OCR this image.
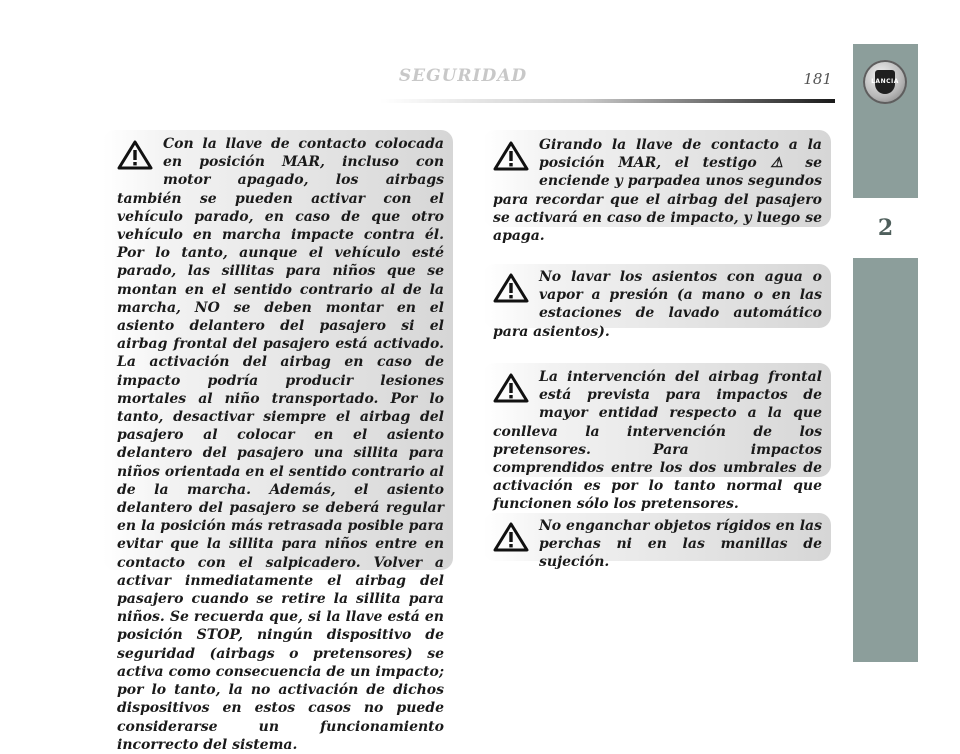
SEGURIDAD	181	LANCIA
2
Con la llave de contacto colocada en posición MAR, incluso con motor apagado, los airbags también se pueden activar con el vehículo parado, en caso de que otro vehículo en marcha impacte contra él. Por lo tanto, aunque el vehículo esté parado, las sillitas para niños que se montan en el sentido contrario al de la marcha, NO se deben montar en el asiento delantero del pasajero si el airbag frontal del pasajero está activado. La activación del airbag en caso de impacto podría producir lesiones mortales al niño transportado. Por lo tanto, desactivar siempre el airbag del pasajero al colocar en el asiento delantero del pasajero una sillita para niños orientada en el sentido contrario al de la marcha. Además, el asiento delantero del pasajero se deberá regular en la posición más retrasada posible para evitar que la sillita para niños entre en contacto con el salpicadero. Volver a activar inmediatamente el airbag del pasajero cuando se retire la sillita para niños. Se recuerda que, si la llave está en posición STOP, ningún dispositivo de seguridad (airbags o pretensores) se activa como consecuencia de un impacto; por lo tanto, la no activación de dichos dispositivos en estos casos no puede considerarse un funcionamiento incorrecto del sistema.
Girando la llave de contacto a la posición MAR, el testigo ⚠ se enciende y parpadea unos segundos para recordar que el airbag del pasajero se activará en caso de impacto, y luego se apaga.
No lavar los asientos con agua o vapor a presión (a mano o en las estaciones de lavado automático para asientos).
La intervención del airbag frontal está prevista para impactos de mayor entidad respecto a la que conlleva la intervención de los pretensores. Para impactos comprendidos entre los dos umbrales de activación es por lo tanto normal que funcionen sólo los pretensores.
No enganchar objetos rígidos en las perchas ni en las manillas de sujeción.
